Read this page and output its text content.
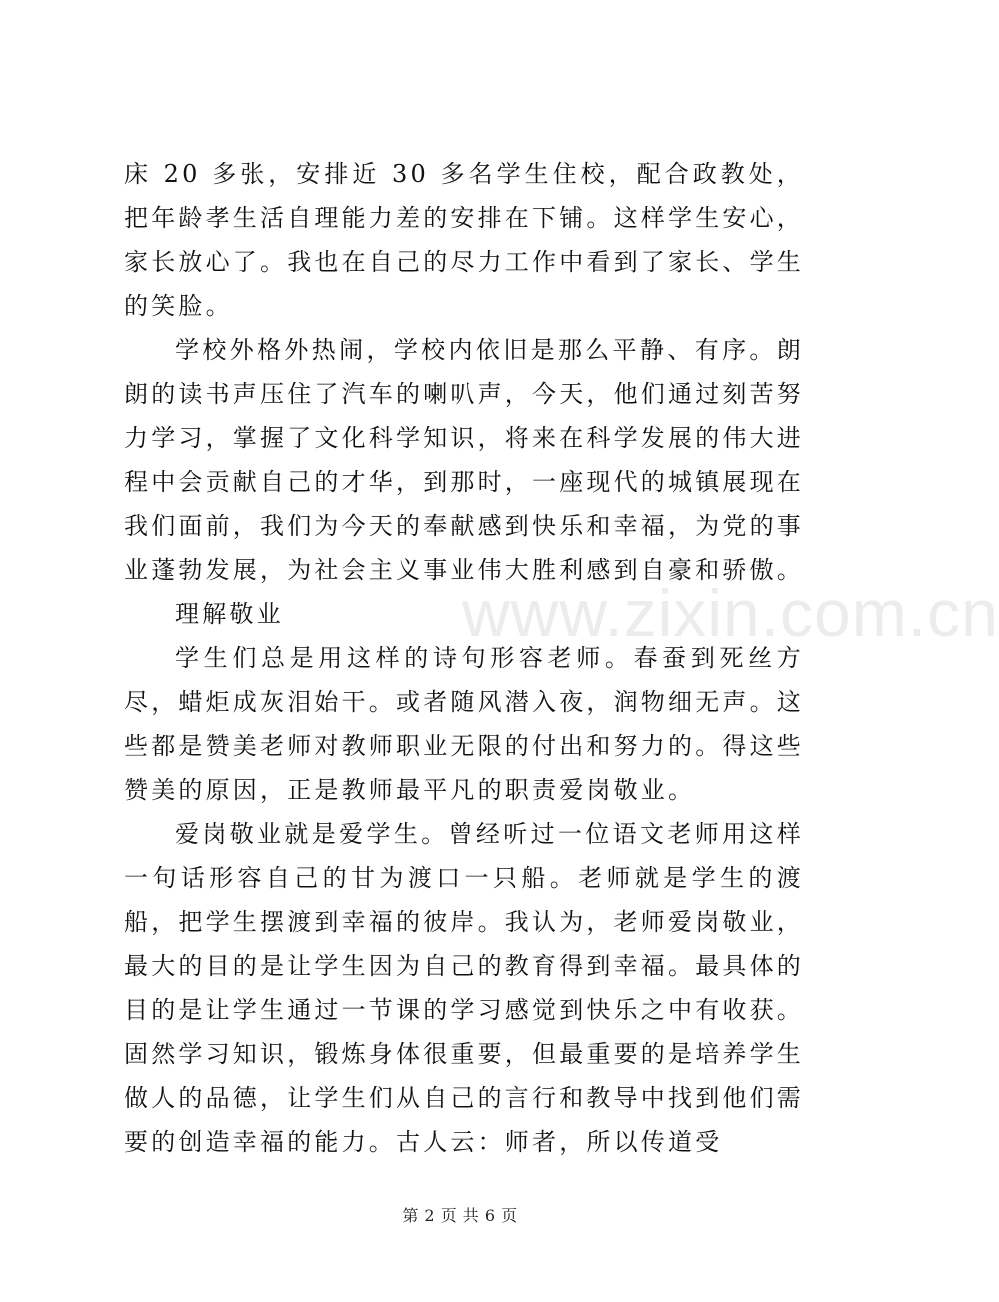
床 20 多张，安排近 30 多名学生住校，配合政教处，把年龄孝生活自理能力差的安排在下铺。这样学生安心，家长放心了。我也在自己的尽力工作中看到了家长、学生的笑脸。

学校外格外热闹，学校内依旧是那么平静、有序。朗朗的读书声压住了汽车的喇叭声，今天，他们通过刻苦努力学习，掌握了文化科学知识，将来在科学发展的伟大进程中会贡献自己的才华，到那时，一座现代的城镇展现在我们面前，我们为今天的奉献感到快乐和幸福，为党的事业蓬勃发展，为社会主义事业伟大胜利感到自豪和骄傲。

理解敬业

学生们总是用这样的诗句形容老师。春蚕到死丝方尽，蜡炬成灰泪始干。或者随风潜入夜，润物细无声。这些都是赞美老师对教师职业无限的付出和努力的。得这些赞美的原因，正是教师最平凡的职责爱岗敬业。

爱岗敬业就是爱学生。曾经听过一位语文老师用这样一句话形容自己的甘为渡口一只船。老师就是学生的渡船，把学生摆渡到幸福的彼岸。我认为，老师爱岗敬业，最大的目的是让学生因为自己的教育得到幸福。最具体的目的是让学生通过一节课的学习感觉到快乐之中有收获。固然学习知识，锻炼身体很重要，但最重要的是培养学生做人的品德，让学生们从自己的言行和教导中找到他们需要的创造幸福的能力。古人云：师者，所以传道受

www.zixin.com.cn
第 2 页 共 6 页
